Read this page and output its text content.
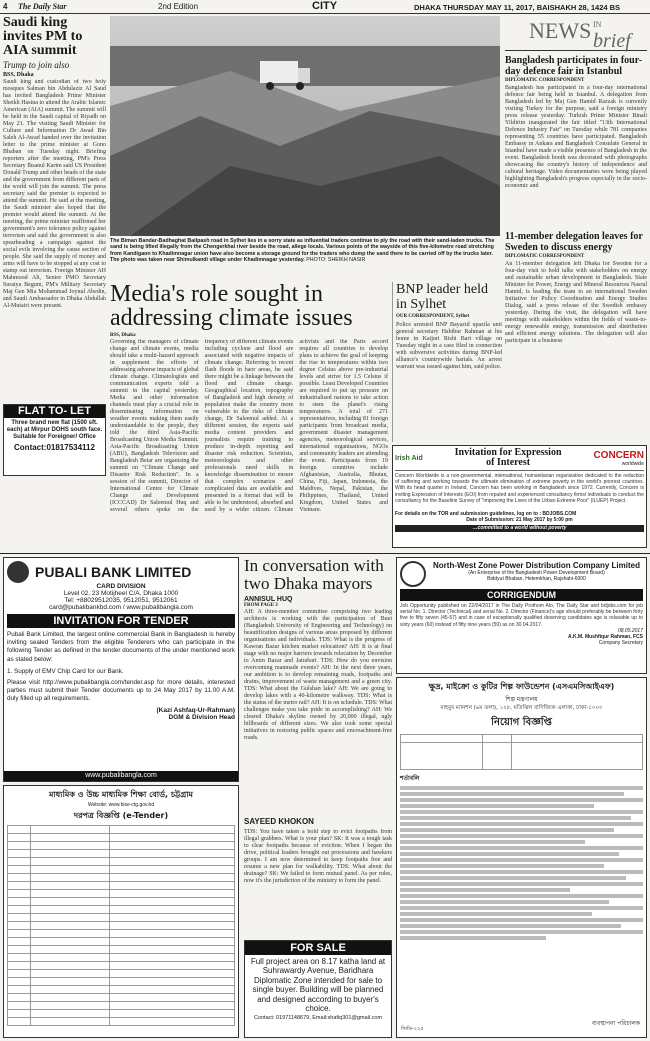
4 The Daily Star	2nd Edition	CITY	DHAKA THURSDAY MAY 11, 2017, BAISHAKH 28, 1424 BS
Saudi king invites PM to AIA summit
Trump to join also
BSS, Dhaka
Saudi king and custodian of two holy mosques Salman bin Abdulaziz Al Saud has invited Bangladesh Prime Minister Sheikh Hasina to attend the Arabic Islamic American (AIA) summit. The summit will be held in the Saudi capital of Riyadh on May 21. The visiting Saudi Minister for Culture and Information Dr Awad Bin Saleh Al-Awad handed over the invitation letter to the prime minister at Gono Bhaban on Tuesday night. Briefing reporters after the meeting, PM's Press Secretary Ihsanul Karim said US President Donald Trump and other heads of the state and the government from different parts of the world will join the summit. The press secretary said the premier is expected to attend the summit. He said at the meeting, the Saudi minister also hoped that the premier would attend the summit. At the meeting, the prime minister reaffirmed her government's zero tolerance policy against terrorism and said the government is also spearheading a campaign against the social evils involving the cause section of people. She said the supply of money and arms will have to be stopped at any cost to stamp out terrorism. Foreign Minister AH Mahmood Ali, Senior PMO Secretary Suraiya Begum, PM's Military Secretary Maj Gen Mia Mohammad Joynul Abedin, and Saudi Ambassador in Dhaka Abdullah Al-Mutairi were present.
FLAT TO- LET
Three brand new flat (1500 sft. each) at Mirpur DOHS south face. Suitable for Foreigner/ Office
Contact:01817534112
The Biman Bandar-Badhaghat Bailpash road in Sylhet lies in a sorry state as influential traders continue to ply the road with their sand-laden trucks. The sand is being lifted illegally from the Chengerkhal river beside the road, allege locals. Various points of the wayside of this five-kilometre road stretching from Kandigaon to Khadimnagar union have also become a storage ground for the traders who dump the sand there to be carried off by the trucks later. The photo was taken near Shimulkandi village under Khadimnagar yesterday. PHOTO: SHEIKH NASIR
NEWS IN
brief
Bangladesh participates in four-day defence fair in Istanbul
DIPLOMATIC CORRESPONDENT
Bangladesh has participated in a four-day international defence fair being held in Istanbul. A delegation from Bangladesh led by Maj Gen Hamid Razzak is currently visiting Turkey for the purpose, said a foreign ministry press release yesterday. Turkish Prime Minister Binali Yildirim inaugurated the fair titled "13th International Defence Industry Fair" on Tuesday while 781 companies representing 55 countries have participated. Bangladesh Embassy in Ankara and Bangladesh Consulate General in Istanbul have made a visible presence of Bangladesh in the event. Bangladesh booth was decorated with photographs showcasing the country's history of independence and cultural heritage. Video documentaries were being played highlighting Bangladesh's progress especially in the socio-economic and
11-member delegation leaves for Sweden to discuss energy
DIPLOMATIC CORRESPONDENT
An 11-member delegation left Dhaka for Sweden for a four-day visit to hold talks with stakeholders on energy and sustainable urban development in Bangladesh. State Minister for Power, Energy and Mineral Resources Nasrul Hamid, is leading the team to an international Sweden Initiative for Policy Coordination and Energy Studies Dialog, said a press release of the Swedish embassy yesterday. During the visit, the delegation will have meetings with stakeholders within the fields of waste-to-energy renewable energy, transmission and distribution and efficient energy solutions. The delegation will also participate in a business
Media's role sought in addressing climate issues
BSS, Dhaka
Governing the managers of climate change and climate events, media should take a multi-hazard approach in supplement the efforts of addressing adverse impacts of global climate change. Climatologists and communication experts told a summit in the capital yesterday. Media and other information channels must play a crucial role in disseminating information on weather events making them easily understandable to the people, they told the third Asia-Pacific Broadcasting Union Media Summit. Asia-Pacific Broadcasting Union (ABU), Bangladesh Television and Bangladesh Betar are organising the summit on "Climate Change and Disaster Risk Reduction". In a session of the summit, Director of International Centre for Climate Change and Development (ICCCAD) Dr Saleemul Huq and several others spoke on the frequency of different climate events including cyclone and flood are associated with negative impacts of climate change. Referring to recent flash floods in haor areas, he said there might be a linkage between the flood and climate change. Geographical location, topography of Bangladesh and high density of population make the country more vulnerable to the risks of climate change, Dr Saleemul added. At a different session, the experts said media content providers and journalists require training to produce in-depth reporting and disaster risk reduction. Scientists, meteorologists and other professionals need skills in knowledge dissemination to ensure that complex scenarios and complicated data are available and presented in a format that will be able to be understood, absorbed and used by a wider citizen. Climate activists and the Paris accord requires all countries to develop plans to achieve the goal of keeping the rise in temperatures within two degree Celsius above pre-industrial levels and strive for 1.5 Celsius if possible. Least Developed Countries are required to put up pressure on industrialised nations to take action to stem the planet's rising temperatures. A total of 271 representatives, including 81 foreign participants from broadcast media, government disaster management agencies, meteorological services, international organisations, NGOs and community leaders are attending the event. Participants from 19 foreign countries include Afghanistan, Australia, Bhutan, China, Fiji, Japan, Indonesia, the Maldives, Nepal, Pakistan, the Philippines, Thailand, United Kingdom, United States and Vietnam.
BNP leader held in Sylhet
OUR CORRESPONDENT, Sylhet
Police arrested BNP Bayazid upazila unit general secretary Habibur Rahman at his home in Kaijuri Rishi Bari village on Tuesday night in a case filed in connection with subversive activities during BNP-led alliance's countrywide hartals. An arrest warrant was issued against him, said police.
Irish Aid	Invitation for Expression of Interest
CONCERN
worldwide
Concern Worldwide is a non-governmental, international, humanitarian organisation dedicated to the reduction of suffering and working towards the ultimate elimination of extreme poverty in the world's poorest countries. With its head quarter in Ireland, Concern has been working in Bangladesh since 1972. Currently, Concern is inviting Expression of Interests (EOI) from reputed and experienced consultancy firms/ individuals to conduct the consultancy for the Baseline Survey of "Improving the Lives of the Urban Extreme Poor" (ILUEP) Project.
For details on the TOR and submission guidelines, log on to : BDJOBS.COM
Date of Submission: 21 May 2017 by 5:00 pm
…committed to a world without poverty
PUBALI BANK LIMITED
CARD DIVISION
Level 02, 23 Motijheel C/A, Dhaka 1000
Tel: +88029512035, 9512051, 9512061
card@pubalibankbd.com / www.pubalibangla.com
INVITATION FOR TENDER
Pubali Bank Limited, the largest online commercial Bank in Bangladesh is hereby inviting sealed Tenders from the eligible Tenderers who can participate in the following Tender as defined in the tender documents of the under mentioned work as stated below:
1. Supply of EMV Chip Card for our Bank.
Please visit http://www.pubalibangla.com/tender.asp for more details, interested parties must submit their Tender documents up to 24 May 2017 by 11.00 A.M. duly filled up all requirements.
(Kazi Ashfaq-Ur-Rahman)
DGM & Division Head
www.pubalibangla.com
মাধ্যমিক ও উচ্চ মাধ্যমিক শিক্ষা বোর্ড, চট্টগ্রাম
Website: www.bise-ctg.gov.bd
দরপত্র বিজ্ঞপ্তি (e-Tender)

In conversation with two Dhaka mayors
ANNISUL HUQ
FROM PAGE 3
AH: A three-member committee comprising two leading architects is working with the participation of Buet (Bangladesh University of Engineering and Technology) on beautification designs of various areas proposed by different organisations and individuals. TDS: What is the progress of Kawran Bazar kitchen market relocation? AH: It is at final stage with no major barriers towards relocation by December to Amin Bazar and Jatrabari. TDS: How do you envision overcoming manmade events? AH: In the next three years, our ambition is to develop remaining roads, footpaths and drains, improvement of waste management and a green city. TDS: What about the Gulshan lake? AH: We are going to develop lakes with a 40-kilometre walkway. TDS: What is the status of the metro rail? AH: It is on schedule. TDS: What challenges make you take pride in accomplishing? AH: We cleared Dhaka's skyline owned by 20,000 illegal, ugly billboards of different sizes. We also took some special initiatives in restoring public spaces and encroachment-free roads.
SAYEED KHOKON
TDS: You have taken a bold step to evict footpaths from illegal grabbers. What is your plan? SK: It was a tough task to clear footpaths because of eviction. When I began the drive, political leaders brought out processions and hawkers groups. I am now determined to keep footpaths free and resume a new plan for walkability. TDS: What about the drainage? SK: We failed to form mutual panel. As per rules, now it's the jurisdiction of the ministry to form the panel.
FOR SALE
Full project area on 8.17 katha land at Suhrawardy Avenue, Baridhara Diplomatic Zone intended for sale to single buyer. Building will be planned and designed according to buyer's choice.
Contact: 01971148679, Email:shafiq301@gmail.com
North-West Zone Power Distribution Company Limited
(An Enterprise of the Bangladesh Power Development Board)
Biddyut Bhaban, Hetemkhan, Rajshahi-6000
CORRIGENDUM
Job Opportunity published on 22/04/2017 in The Daily Prothom Alo, The Daily Star and bdjobs.com for job serial No. 1. Director (Technical) and serial No. 2. Director (Finance)'s age should preferably be between forty five to fifty seven (45-57) and in case of exceptionally qualified deserving candidates age is relaxable up to sixty years (60) instead of fifty nine years (59) as on 30.04.2017.
08.05.2017
A.K.M. Mushfiqur Rahman, FCS
Company Secretary
ক্ষুদ্র, মাইক্রো ও কুটির শিল্প ফাউন্ডেশন (এসএমসিআইএফ)
শিল্প মন্ত্রণালয়
মাহবুব ম্যানশন (৯ম তলা), ১২৮, মতিঝিল বাণিজ্যিক এলাকা, ঢাকা-১০০০
নিয়োগ বিজ্ঞপ্তি

শর্তাবলি
ব্যবস্থাপনা পরিচালক
জিডি-২২৫
